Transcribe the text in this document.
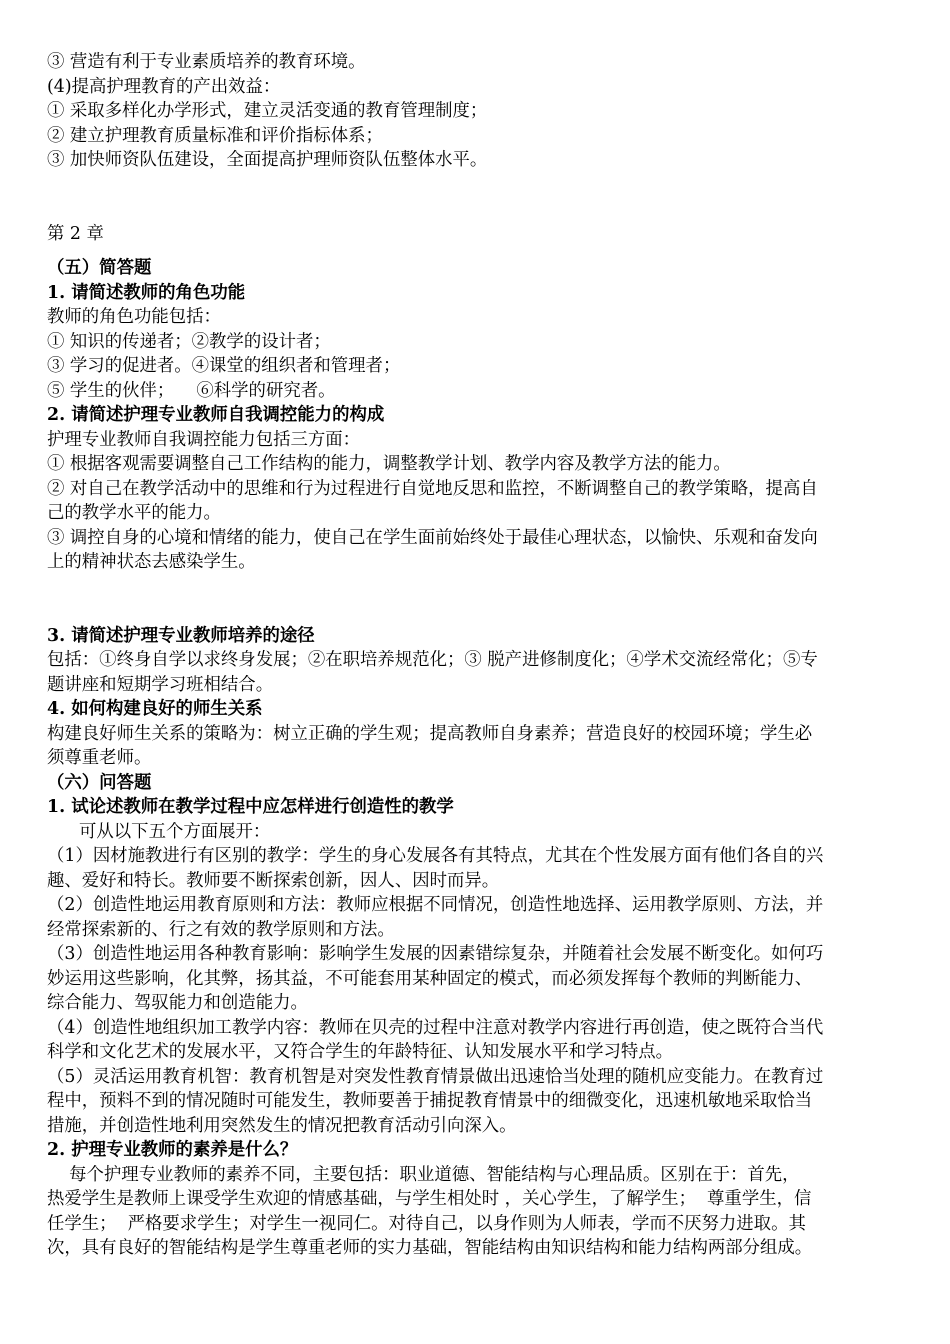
③ 营造有利于专业素质培养的教育环境。

(4)提高护理教育的产出效益：

① 采取多样化办学形式，建立灵活变通的教育管理制度；

② 建立护理教育质量标准和评价指标体系；

③ 加快师资队伍建设，全面提高护理师资队伍整体水平。

第 2 章

（五）简答题

1. 请简述教师的角色功能

教师的角色功能包括：

① 知识的传递者；②教学的设计者；

③ 学习的促进者。④课堂的组织者和管理者；

⑤ 学生的伙伴；    ⑥科学的研究者。

2. 请简述护理专业教师自我调控能力的构成

护理专业教师自我调控能力包括三方面：

① 根据客观需要调整自己工作结构的能力，调整教学计划、教学内容及教学方法的能力。

② 对自己在教学活动中的思维和行为过程进行自觉地反思和监控，不断调整自己的教学策略，提高自

己的教学水平的能力。

③ 调控自身的心境和情绪的能力，使自己在学生面前始终处于最佳心理状态，以愉快、乐观和奋发向

上的精神状态去感染学生。

3. 请简述护理专业教师培养的途径

包括：①终身自学以求终身发展；②在职培养规范化；③ 脱产进修制度化；④学术交流经常化；⑤专

题讲座和短期学习班相结合。

4. 如何构建良好的师生关系

构建良好师生关系的策略为：树立正确的学生观；提高教师自身素养；营造良好的校园环境；学生必

须尊重老师。

（六）问答题

1. 试论述教师在教学过程中应怎样进行创造性的教学

可从以下五个方面展开：

（1）因材施教进行有区别的教学：学生的身心发展各有其特点，尤其在个性发展方面有他们各自的兴

趣、爱好和特长。教师要不断探索创新，因人、因时而异。

（2）创造性地运用教育原则和方法：教师应根据不同情况，创造性地选择、运用教学原则、方法，并

经常探索新的、行之有效的教学原则和方法。

（3）创造性地运用各种教育影响：影响学生发展的因素错综复杂，并随着社会发展不断变化。如何巧

妙运用这些影响，化其弊，扬其益，不可能套用某种固定的模式，而必须发挥每个教师的判断能力、

综合能力、驾驭能力和创造能力。

（4）创造性地组织加工教学内容：教师在贝壳的过程中注意对教学内容进行再创造，使之既符合当代

科学和文化艺术的发展水平，又符合学生的年龄特征、认知发展水平和学习特点。

（5）灵活运用教育机智：教育机智是对突发性教育情景做出迅速恰当处理的随机应变能力。在教育过

程中，预料不到的情况随时可能发生，教师要善于捕捉教育情景中的细微变化，迅速机敏地采取恰当

措施，并创造性地利用突然发生的情况把教育活动引向深入。

2. 护理专业教师的素养是什么？

每个护理专业教师的素养不同，主要包括：职业道德、智能结构与心理品质。区别在于：首先，

热爱学生是教师上课受学生欢迎的情感基础，与学生相处时 ，关心学生，了解学生；  尊重学生，信

任学生；  严格要求学生；对学生一视同仁。对待自己，以身作则为人师表，学而不厌努力进取。其

次，具有良好的智能结构是学生尊重老师的实力基础，智能结构由知识结构和能力结构两部分组成。
